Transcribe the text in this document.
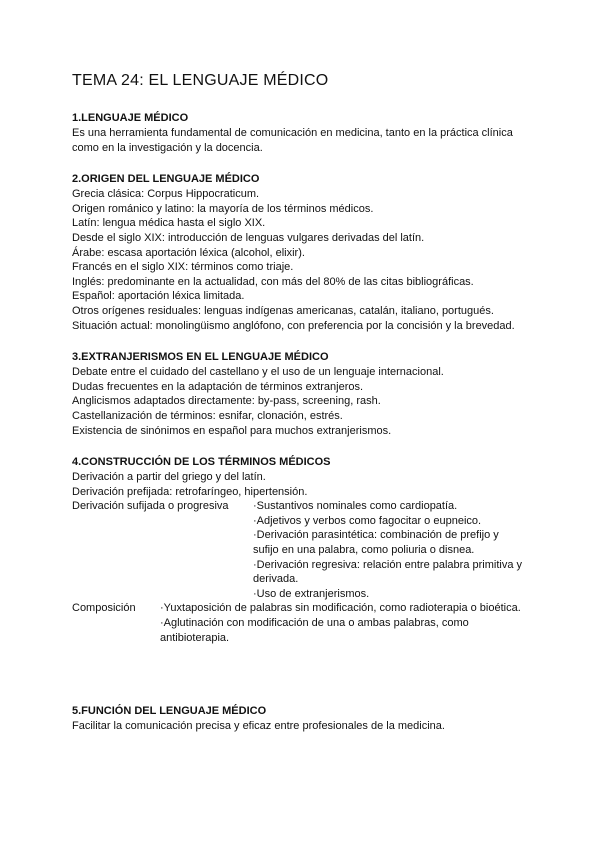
TEMA 24: EL LENGUAJE MÉDICO
1.LENGUAJE MÉDICO

Es una herramienta fundamental de comunicación en medicina, tanto en la práctica clínica

como en la investigación y la docencia.

2.ORIGEN DEL LENGUAJE MÉDICO

Grecia clásica: Corpus Hippocraticum.

Origen románico y latino: la mayoría de los términos médicos.

Latín: lengua médica hasta el siglo XIX.

Desde el siglo XIX: introducción de lenguas vulgares derivadas del latín.

Árabe: escasa aportación léxica (alcohol, elixir).

Francés en el siglo XIX: términos como triaje.

Inglés: predominante en la actualidad, con más del 80% de las citas bibliográficas.

Español: aportación léxica limitada.

Otros orígenes residuales: lenguas indígenas americanas, catalán, italiano, portugués.

Situación actual: monolingüismo anglófono, con preferencia por la concisión y la brevedad.

3.EXTRANJERISMOS EN EL LENGUAJE MÉDICO

Debate entre el cuidado del castellano y el uso de un lenguaje internacional.

Dudas frecuentes en la adaptación de términos extranjeros.

Anglicismos adaptados directamente: by-pass, screening, rash.

Castellanización de términos: esnifar, clonación, estrés.

Existencia de sinónimos en español para muchos extranjerismos.

4.CONSTRUCCIÓN DE LOS TÉRMINOS MÉDICOS

Derivación a partir del griego y del latín.

Derivación prefijada: retrofaríngeo, hipertensión.

Derivación sufijada o progresiva	·Sustantivos nominales como cardiopatía.
·Adjetivos y verbos como fagocitar o eupneico.
·Derivación parasintética: combinación de prefijo y
sufijo en una palabra, como poliuria o disnea.
·Derivación regresiva: relación entre palabra primitiva y
derivada.
·Uso de extranjerismos.
Composición	·Yuxtaposición de palabras sin modificación, como radioterapia o bioética.
·Aglutinación con modificación de una o ambas palabras, como
antibioterapia.
5.FUNCIÓN DEL LENGUAJE MÉDICO

Facilitar la comunicación precisa y eficaz entre profesionales de la medicina.
